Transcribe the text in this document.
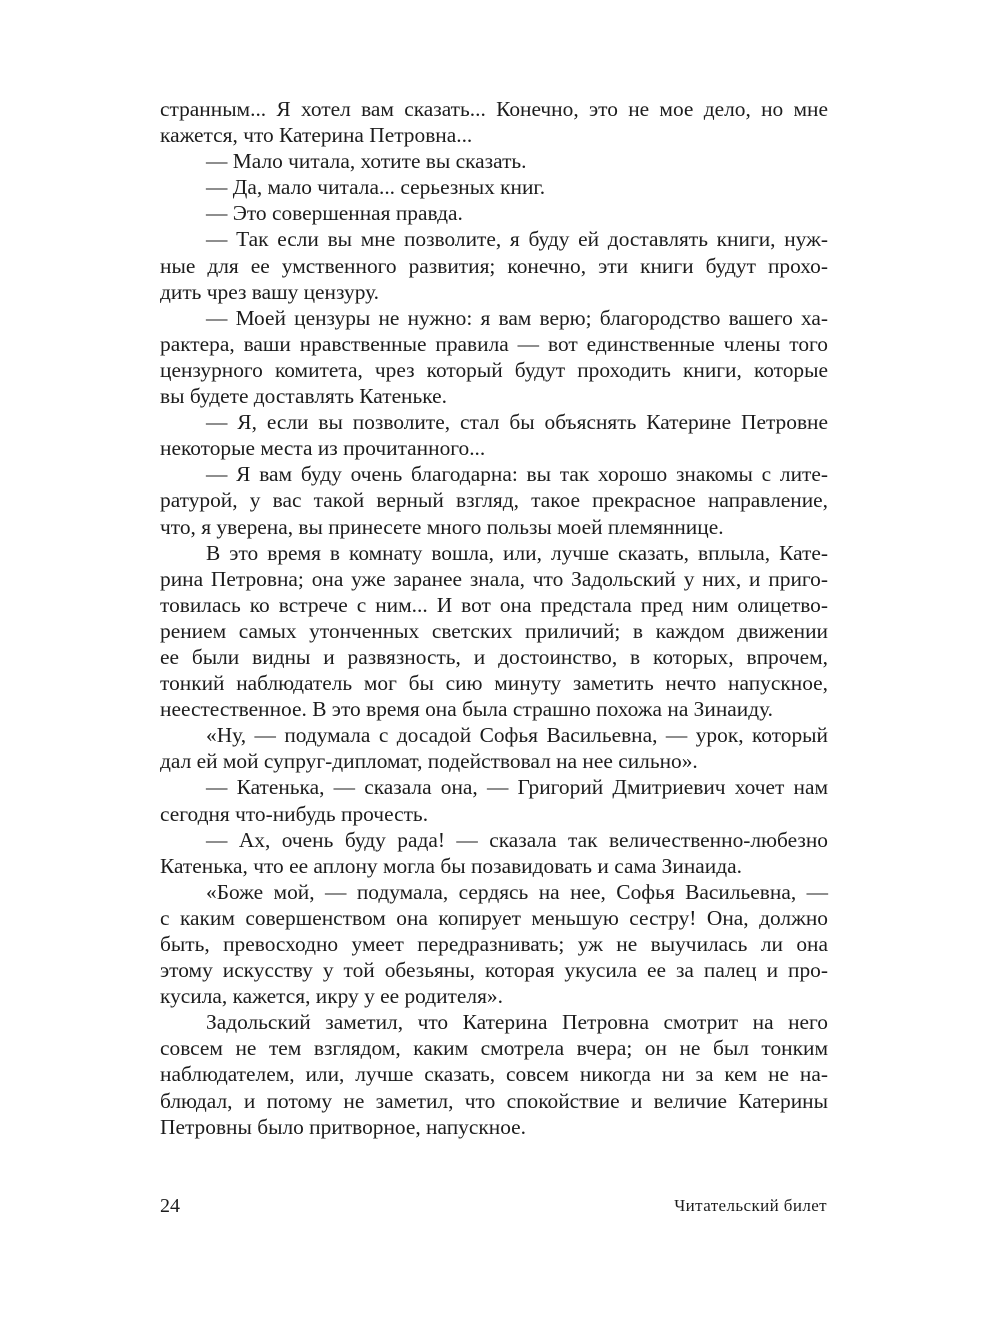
странным... Я хотел вам сказать... Конечно, это не мое дело, но мне
кажется, что Катерина Петровна...
— Мало читала, хотите вы сказать.
— Да, мало читала... серьезных книг.
— Это совершенная правда.
— Так если вы мне позволите, я буду ей доставлять книги, нуж-
ные для ее умственного развития; конечно, эти книги будут прохо-
дить чрез вашу цензуру.
— Моей цензуры не нужно: я вам верю; благородство вашего ха-
рактера, ваши нравственные правила — вот единственные члены того
цензурного комитета, чрез который будут проходить книги, которые
вы будете доставлять Катеньке.
— Я, если вы позволите, стал бы объяснять Катерине Петровне
некоторые места из прочитанного...
— Я вам буду очень благодарна: вы так хорошо знакомы с лите-
ратурой, у вас такой верный взгляд, такое прекрасное направление,
что, я уверена, вы принесете много пользы моей племяннице.
В это время в комнату вошла, или, лучше сказать, вплыла, Кате-
рина Петровна; она уже заранее знала, что Задольский у них, и приго-
товилась ко встрече с ним... И вот она предстала пред ним олицетво-
рением самых утонченных светских приличий; в каждом движении
ее были видны и развязность, и достоинство, в которых, впрочем,
тонкий наблюдатель мог бы сию минуту заметить нечто напускное,
неестественное. В это время она была страшно похожа на Зинаиду.
«Ну, — подумала с досадой Софья Васильевна, — урок, который
дал ей мой супруг-дипломат, подействовал на нее сильно».
— Катенька, — сказала она, — Григорий Дмитриевич хочет нам
сегодня что-нибудь прочесть.
— Ах, очень буду рада! — сказала так величественно-любезно
Катенька, что ее аплону могла бы позавидовать и сама Зинаида.
«Боже мой, — подумала, сердясь на нее, Софья Васильевна, —
с каким совершенством она копирует меньшую сестру! Она, должно
быть, превосходно умеет передразнивать; уж не выучилась ли она
этому искусству у той обезьяны, которая укусила ее за палец и про-
кусила, кажется, икру у ее родителя».
Задольский заметил, что Катерина Петровна смотрит на него
совсем не тем взглядом, каким смотрела вчера; он не был тонким
наблюдателем, или, лучше сказать, совсем никогда ни за кем не на-
блюдал, и потому не заметил, что спокойствие и величие Катерины
Петровны было притворное, напускное.
24	Читательский билет
